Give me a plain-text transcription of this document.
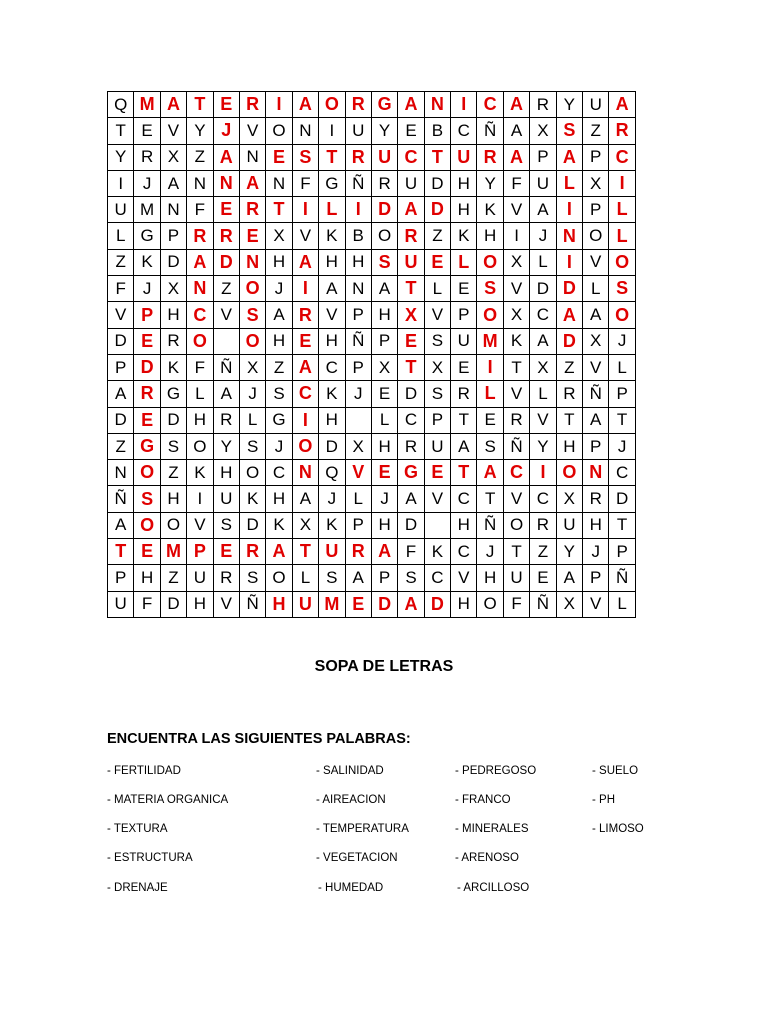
Q	M	A	T	E	R	I	A	O	R	G	A	N	I	C	A	R	Y	U	A
T	E	V	Y	J	V	O	N	I	U	Y	E	B	C	Ñ	A	X	S	Z	R
Y	R	X	Z	A	N	E	S	T	R	U	C	T	U	R	A	P	A	P	C
I	J	A	N	N	A	N	F	G	Ñ	R	U	D	H	Y	F	U	L	X	I
U	M	N	F	E	R	T	I	L	I	D	A	D	H	K	V	A	I	P	L
L	G	P	R	R	E	X	V	K	B	O	R	Z	K	H	I	J	N	O	L
Z	K	D	A	D	N	H	A	H	H	S	U	E	L	O	X	L	I	V	O
F	J	X	N	Z	O	J	I	A	N	A	T	L	E	S	V	D	D	L	S
V	P	H	C	V	S	A	R	V	P	H	X	V	P	O	X	C	A	A	O
D	E	R	O		O	H	E	H	Ñ	P	E	S	U	M	K	A	D	X	J
P	D	K	F	Ñ	X	Z	A	C	P	X	T	X	E	I	T	X	Z	V	L
A	R	G	L	A	J	S	C	K	J	E	D	S	R	L	V	L	R	Ñ	P
D	E	D	H	R	L	G	I	H		L	C	P	T	E	R	V	T	A	T
Z	G	S	O	Y	S	J	O	D	X	H	R	U	A	S	Ñ	Y	H	P	J
N	O	Z	K	H	O	C	N	Q	V	E	G	E	T	A	C	I	O	N	C
Ñ	S	H	I	U	K	H	A	J	L	J	A	V	C	T	V	C	X	R	D
A	O	O	V	S	D	K	X	K	P	H	D		H	Ñ	O	R	U	H	T
T	E	M	P	E	R	A	T	U	R	A	F	K	C	J	T	Z	Y	J	P
P	H	Z	U	R	S	O	L	S	A	P	S	C	V	H	U	E	A	P	Ñ
U	F	D	H	V	Ñ	H	U	M	E	D	A	D	H	O	F	Ñ	X	V	L
SOPA DE LETRAS
ENCUENTRA LAS SIGUIENTES PALABRAS:
- FERTILIDAD
- MATERIA ORGANICA
- TEXTURA
- ESTRUCTURA
- DRENAJE
- SALINIDAD
- AIREACION
- TEMPERATURA
- VEGETACION
- HUMEDAD
- PEDREGOSO
- FRANCO
- MINERALES
- ARENOSO
- ARCILLOSO
- SUELO
- PH
- LIMOSO
